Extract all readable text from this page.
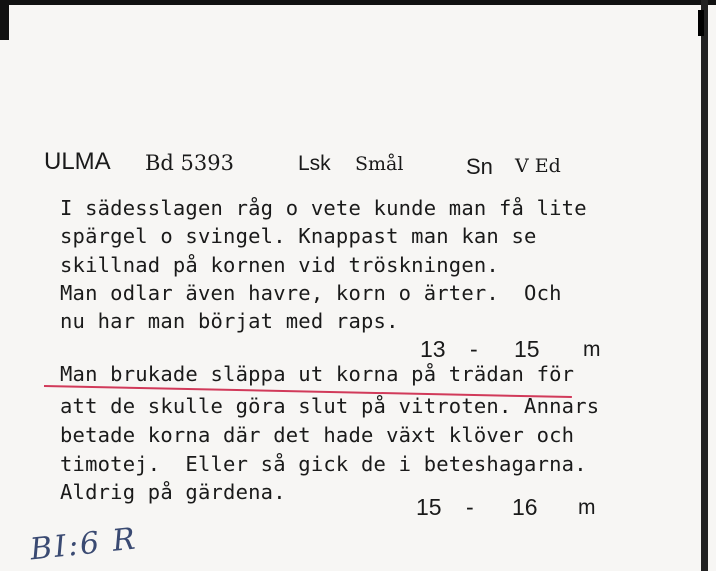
ULMA Bd 5393	Lsk Smål	Sn V Ed
I sädesslagen råg o vete kunde man få lite
spärgel o svingel. Knappast man kan se
skillnad på kornen vid tröskningen.
Man odlar även havre, korn o ärter.  Och
nu har man börjat med raps.
13 - 15 m
Man brukade släppa ut korna på trädan för
att de skulle göra slut på vitroten. Annars
betade korna där det hade växt klöver och
timotej.  Eller så gick de i beteshagarna.
Aldrig på gärdena.
15 - 16 m
BI:6 R
